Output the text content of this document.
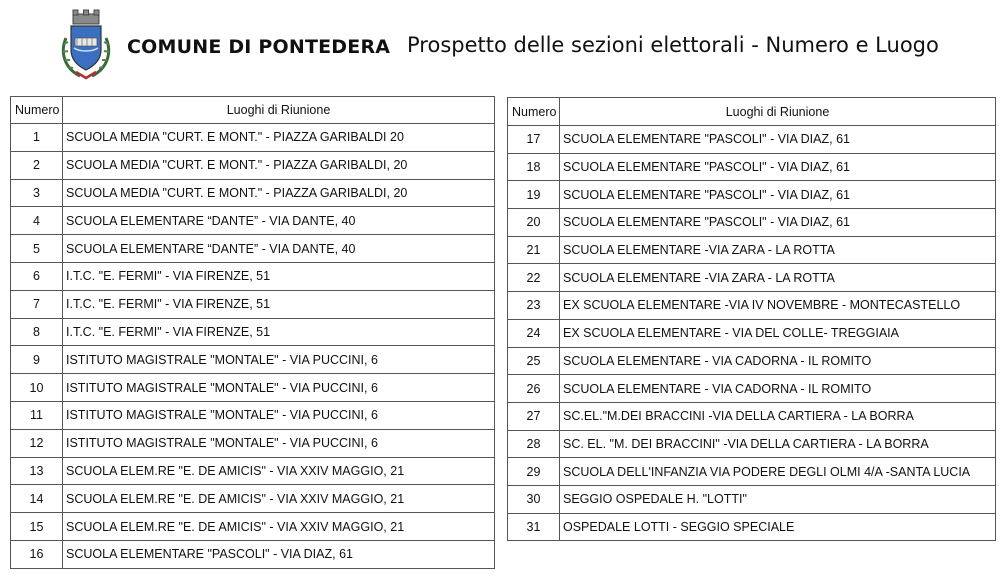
COMUNE DI PONTEDERA Prospetto delle sezioni elettorali - Numero e Luogo
Numero	Luoghi di Riunione
1	SCUOLA MEDIA "CURT. E MONT." - PIAZZA GARIBALDI 20
2	SCUOLA MEDIA "CURT. E MONT." - PIAZZA GARIBALDI, 20
3	SCUOLA MEDIA "CURT. E MONT." - PIAZZA GARIBALDI, 20
4	SCUOLA ELEMENTARE “DANTE” - VIA DANTE, 40
5	SCUOLA ELEMENTARE “DANTE” - VIA DANTE, 40
6	I.T.C. "E. FERMI" - VIA FIRENZE, 51
7	I.T.C. "E. FERMI" - VIA FIRENZE, 51
8	I.T.C. "E. FERMI" - VIA FIRENZE, 51
9	ISTITUTO MAGISTRALE "MONTALE" - VIA PUCCINI, 6
10	ISTITUTO MAGISTRALE "MONTALE" - VIA PUCCINI, 6
11	ISTITUTO MAGISTRALE "MONTALE" - VIA PUCCINI, 6
12	ISTITUTO MAGISTRALE "MONTALE" - VIA PUCCINI, 6
13	SCUOLA ELEM.RE "E. DE AMICIS" - VIA XXIV MAGGIO, 21
14	SCUOLA ELEM.RE "E. DE AMICIS" - VIA XXIV MAGGIO, 21
15	SCUOLA ELEM.RE "E. DE AMICIS" - VIA XXIV MAGGIO, 21
16	SCUOLA ELEMENTARE "PASCOLI" - VIA DIAZ, 61
Numero	Luoghi di Riunione
17	SCUOLA ELEMENTARE "PASCOLI" - VIA DIAZ, 61
18	SCUOLA ELEMENTARE "PASCOLI" - VIA DIAZ, 61
19	SCUOLA ELEMENTARE "PASCOLI" - VIA DIAZ, 61
20	SCUOLA ELEMENTARE "PASCOLI" - VIA DIAZ, 61
21	SCUOLA ELEMENTARE -VIA ZARA - LA ROTTA
22	SCUOLA ELEMENTARE -VIA ZARA - LA ROTTA
23	EX SCUOLA ELEMENTARE -VIA IV NOVEMBRE - MONTECASTELLO
24	EX SCUOLA ELEMENTARE - VIA DEL COLLE- TREGGIAIA
25	SCUOLA ELEMENTARE - VIA CADORNA - IL ROMITO
26	SCUOLA ELEMENTARE - VIA CADORNA - IL ROMITO
27	SC.EL."M.DEI BRACCINI -VIA DELLA CARTIERA - LA BORRA
28	SC. EL. "M. DEI BRACCINI" -VIA DELLA CARTIERA - LA BORRA
29	SCUOLA DELL'INFANZIA VIA PODERE DEGLI OLMI 4/A -SANTA LUCIA
30	SEGGIO OSPEDALE H. "LOTTI"
31	OSPEDALE LOTTI - SEGGIO SPECIALE
